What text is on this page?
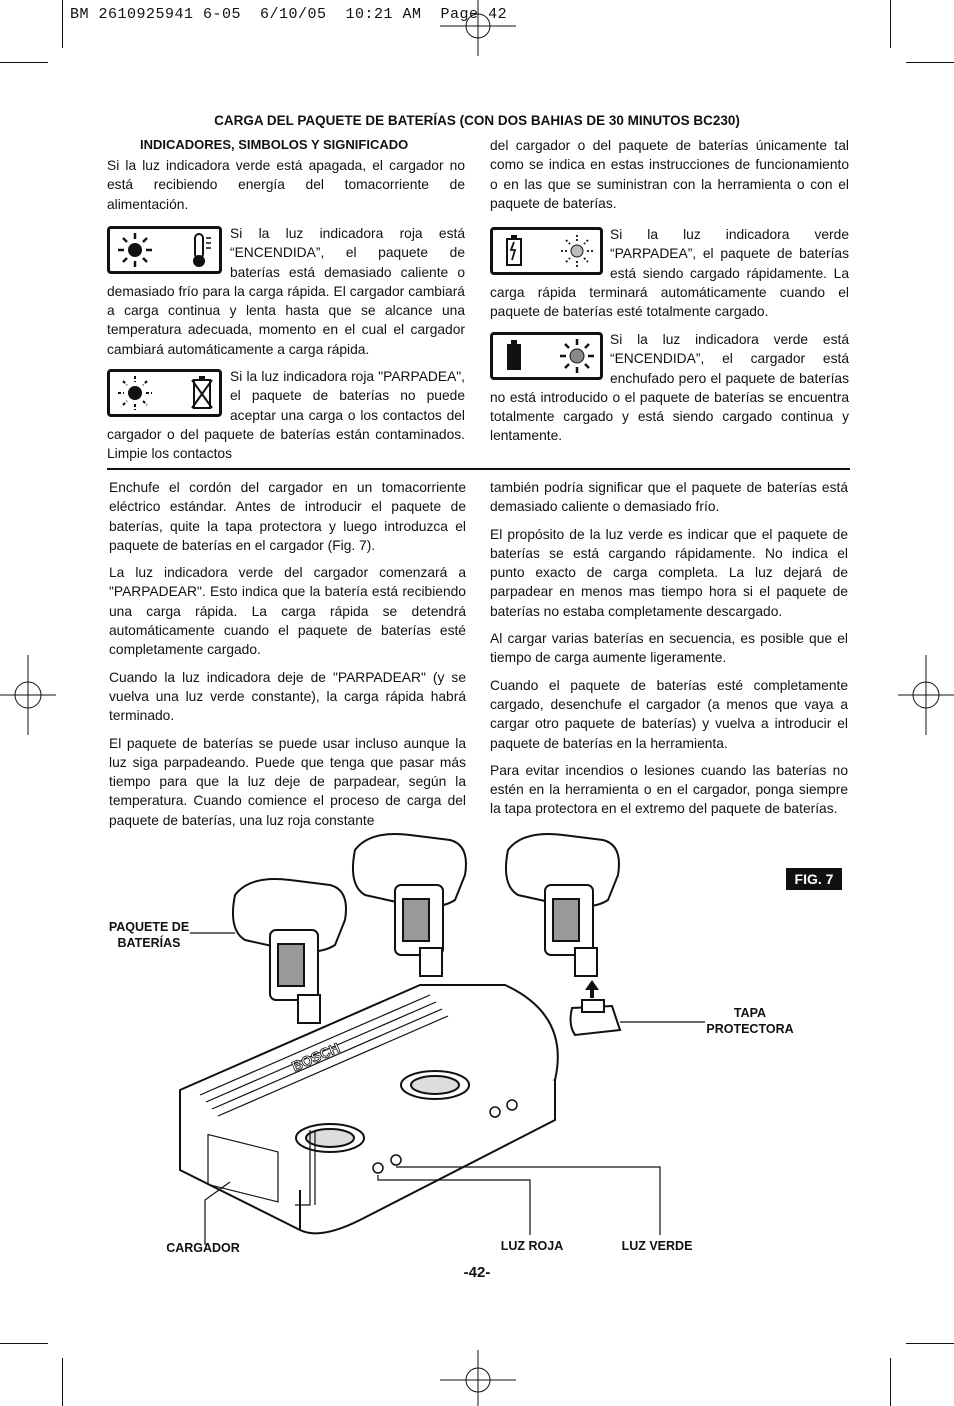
BM 2610925941 6-05  6/10/05  10:21 AM  Page 42
CARGA DEL PAQUETE DE BATERÍAS (CON DOS BAHIAS DE 30 MINUTOS BC230)
INDICADORES, SIMBOLOS Y SIGNIFICADO

Si la luz indicadora verde está apagada, el cargador no está recibiendo energía del tomacorriente de alimentación.

Si la luz indicadora roja está “ENCENDIDA”, el paquete de baterías está demasiado caliente o demasiado frío para la carga rápida. El cargador cambiará a carga continua y lenta hasta que se alcance una temperatura adecuada, momento en el cual el cargador cambiará automáticamente a carga rápida.

Si la luz indicadora roja "PARPADEA", el paquete de baterías no puede aceptar una carga o los contactos del cargador o del paquete de baterías están contaminados. Limpie los contactos

del cargador o del paquete de baterías únicamente tal como se indica en estas instrucciones de funcionamiento o en las que se suministran con la herramienta o con el paquete de baterías.

Si la luz indicadora verde “PARPADEA”, el paquete de baterías está siendo cargado rápidamente. La carga rápida terminará automáticamente cuando el paquete de baterías esté totalmente cargado.

Si la luz indicadora verde está “ENCENDIDA”, el cargador está enchufado pero el paquete de baterías no está introducido o el paquete de baterías se encuentra totalmente cargado y está siendo cargado continua y lentamente.

Enchufe el cordón del cargador en un tomacorriente eléctrico estándar. Antes de introducir el paquete de baterías, quite la tapa protectora y luego introduzca el paquete de baterías en el cargador (Fig. 7).

La luz indicadora verde del cargador comenzará a "PARPADEAR". Esto indica que la batería está recibiendo una carga rápida. La carga rápida se detendrá automáticamente cuando el paquete de baterías esté completamente cargado.

Cuando la luz indicadora deje de "PARPADEAR" (y se vuelva una luz verde constante), la carga rápida habrá terminado.

El paquete de baterías se puede usar incluso aunque la luz siga parpadeando. Puede que tenga que pasar más tiempo para que la luz deje de parpadear, según la temperatura. Cuando comience el proceso de carga del paquete de baterías, una luz roja constante

también podría significar que el paquete de baterías está demasiado caliente o demasiado frío.

El propósito de la luz verde es indicar que el paquete de baterías se está cargando rápidamente. No indica el punto exacto de carga completa. La luz dejará de parpadear en menos mas tiempo hora si el paquete de baterías no estaba completamente descargado.

Al cargar varias baterías en secuencia, es posible que el tiempo de carga aumente ligeramente.

Cuando el paquete de baterías esté completamente cargado, desenchufe el cargador (a menos que vaya a cargar otro paquete de baterías) y vuelva a introducir el paquete de baterías en la herramienta.

Para evitar incendios o lesiones cuando las baterías no estén en la herramienta o en el cargador, ponga siempre la tapa protectora en el extremo del paquete de baterías.

FIG. 7
BOSCH
PAQUETE DE BATERÍAS
TAPA PROTECTORA
CARGADOR	LUZ ROJA	LUZ VERDE
-42-
